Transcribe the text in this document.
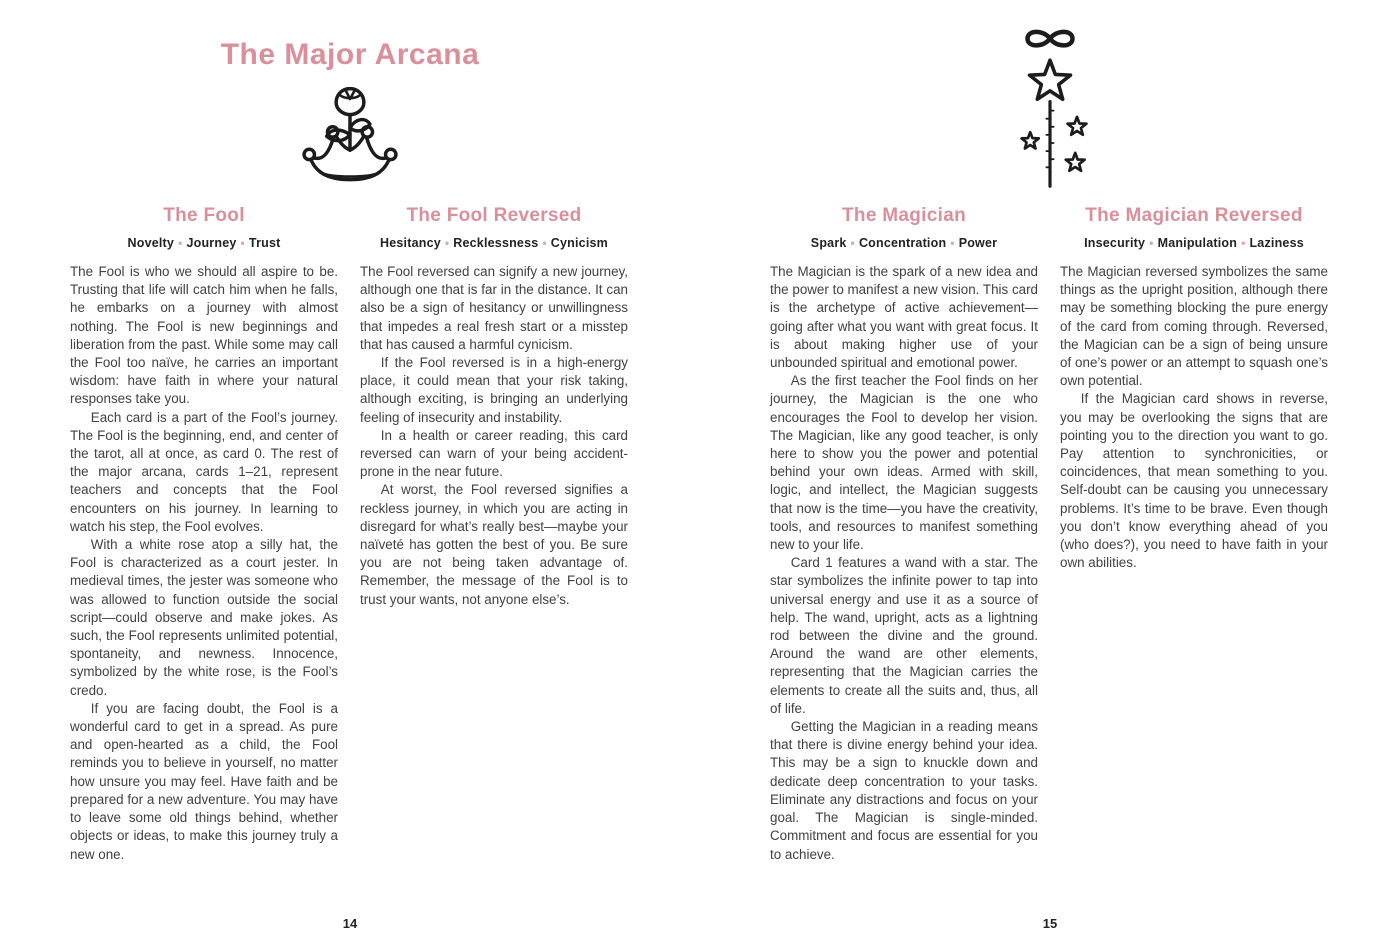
The Major Arcana
The Fool
Novelty • Journey • Trust

The Fool is who we should all aspire to be. Trusting that life will catch him when he falls, he embarks on a journey with almost nothing. The Fool is new beginnings and liberation from the past. While some may call the Fool too naïve, he carries an important wisdom: have faith in where your natural responses take you.

Each card is a part of the Fool’s journey. The Fool is the beginning, end, and center of the tarot, all at once, as card 0. The rest of the major arcana, cards 1–21, represent teachers and concepts that the Fool encounters on his journey. In learning to watch his step, the Fool evolves.

With a white rose atop a silly hat, the Fool is characterized as a court jester. In medieval times, the jester was someone who was allowed to function outside the social script—could observe and make jokes. As such, the Fool represents unlimited potential, spontaneity, and newness. Innocence, symbolized by the white rose, is the Fool’s credo.

If you are facing doubt, the Fool is a wonderful card to get in a spread. As pure and open-hearted as a child, the Fool reminds you to believe in yourself, no matter how unsure you may feel. Have faith and be prepared for a new adventure. You may have to leave some old things behind, whether objects or ideas, to make this journey truly a new one.

The Fool Reversed
Hesitancy • Recklessness • Cynicism

The Fool reversed can signify a new journey, although one that is far in the distance. It can also be a sign of hesitancy or unwillingness that impedes a real fresh start or a misstep that has caused a harmful cynicism.

If the Fool reversed is in a high-energy place, it could mean that your risk taking, although exciting, is bringing an underlying feeling of insecurity and instability.

In a health or career reading, this card reversed can warn of your being accident-prone in the near future.

At worst, the Fool reversed signifies a reckless journey, in which you are acting in disregard for what’s really best—maybe your naïveté has gotten the best of you. Be sure you are not being taken advantage of. Remember, the message of the Fool is to trust your wants, not anyone else’s.

14
The Magician
Spark • Concentration • Power

The Magician is the spark of a new idea and the power to manifest a new vision. This card is the archetype of active achievement—going after what you want with great focus. It is about making higher use of your unbounded spiritual and emotional power.

As the first teacher the Fool finds on her journey, the Magician is the one who encourages the Fool to develop her vision. The Magician, like any good teacher, is only here to show you the power and potential behind your own ideas. Armed with skill, logic, and intellect, the Magician suggests that now is the time—you have the creativity, tools, and resources to manifest something new to your life.

Card 1 features a wand with a star. The star symbolizes the infinite power to tap into universal energy and use it as a source of help. The wand, upright, acts as a lightning rod between the divine and the ground. Around the wand are other elements, representing that the Magician carries the elements to create all the suits and, thus, all of life.

Getting the Magician in a reading means that there is divine energy behind your idea. This may be a sign to knuckle down and dedicate deep concentration to your tasks. Eliminate any distractions and focus on your goal. The Magician is single-minded. Commitment and focus are essential for you to achieve.

The Magician Reversed
Insecurity • Manipulation • Laziness

The Magician reversed symbolizes the same things as the upright position, although there may be something blocking the pure energy of the card from coming through. Reversed, the Magician can be a sign of being unsure of one’s power or an attempt to squash one’s own potential.

If the Magician card shows in reverse, you may be overlooking the signs that are pointing you to the direction you want to go. Pay attention to synchronicities, or coincidences, that mean something to you. Self-doubt can be causing you unnecessary problems. It’s time to be brave. Even though you don’t know everything ahead of you (who does?), you need to have faith in your own abilities.

15
